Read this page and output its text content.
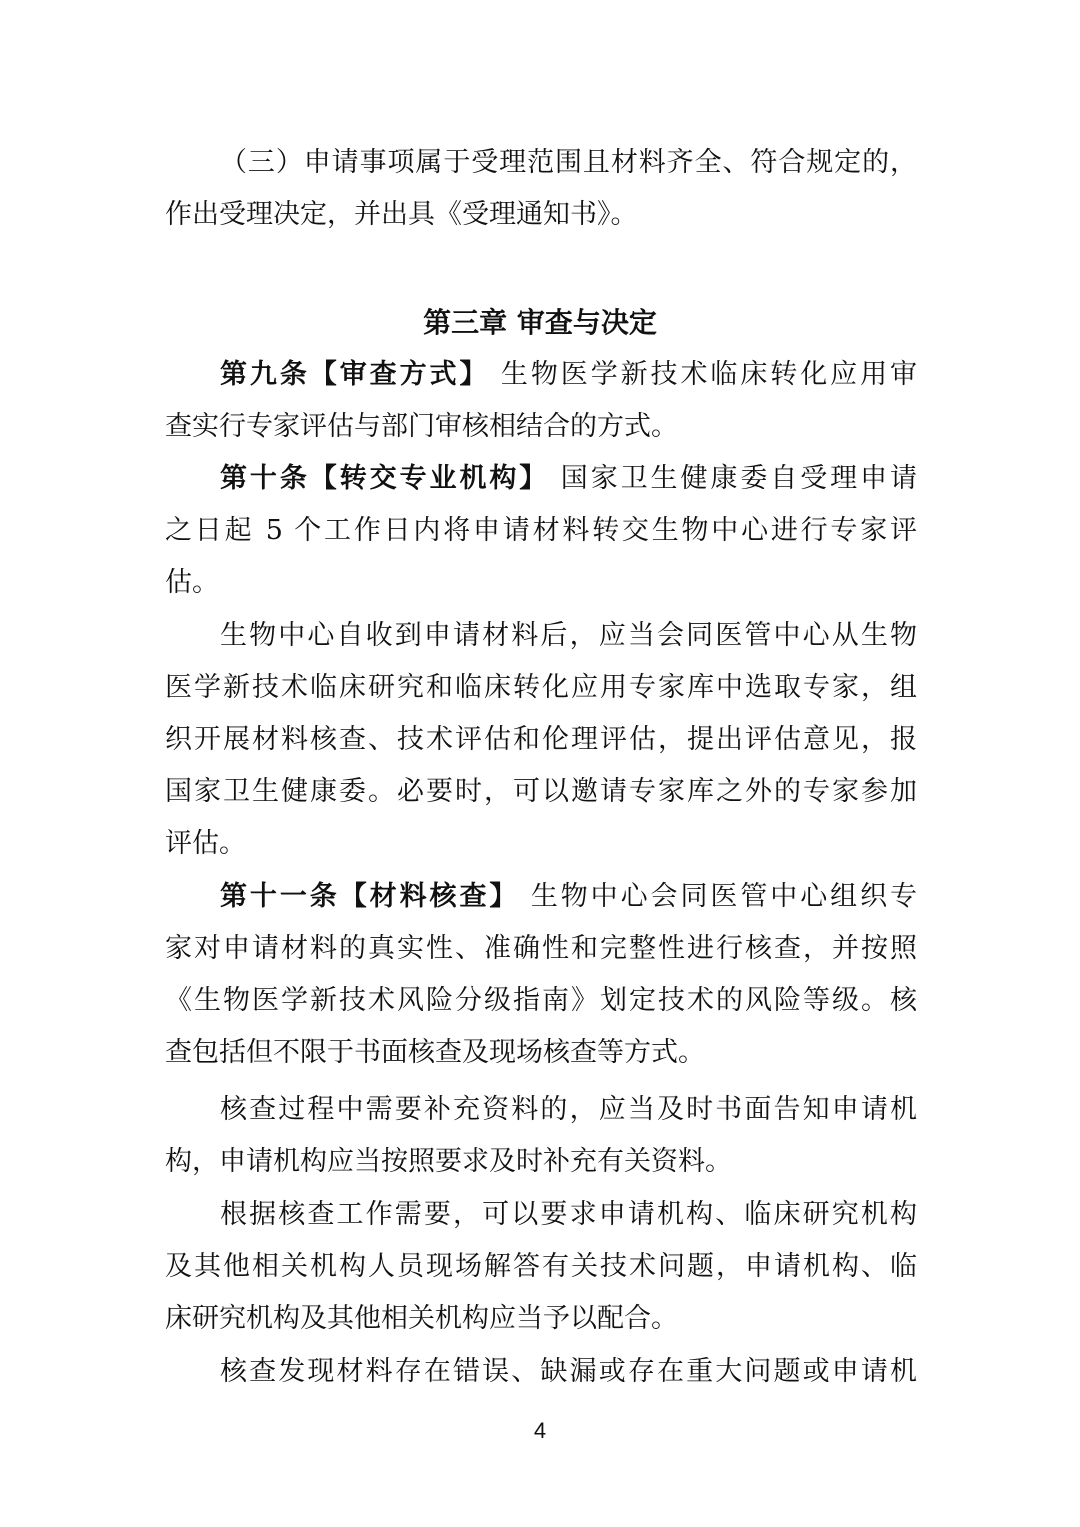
（三）申请事项属于受理范围且材料齐全、符合规定的，
作出受理决定，并出具《受理通知书》。
第三章 审查与决定
第九条【审查方式】 生物医学新技术临床转化应用审
查实行专家评估与部门审核相结合的方式。
第十条【转交专业机构】 国家卫生健康委自受理申请
之日起 5 个工作日内将申请材料转交生物中心进行专家评
估。
生物中心自收到申请材料后，应当会同医管中心从生物
医学新技术临床研究和临床转化应用专家库中选取专家，组
织开展材料核查、技术评估和伦理评估，提出评估意见，报
国家卫生健康委。必要时，可以邀请专家库之外的专家参加
评估。
第十一条【材料核查】 生物中心会同医管中心组织专
家对申请材料的真实性、准确性和完整性进行核查，并按照
《生物医学新技术风险分级指南》划定技术的风险等级。核
查包括但不限于书面核查及现场核查等方式。
核查过程中需要补充资料的，应当及时书面告知申请机
构，申请机构应当按照要求及时补充有关资料。
根据核查工作需要，可以要求申请机构、临床研究机构
及其他相关机构人员现场解答有关技术问题，申请机构、临
床研究机构及其他相关机构应当予以配合。
核查发现材料存在错误、缺漏或存在重大问题或申请机
4
